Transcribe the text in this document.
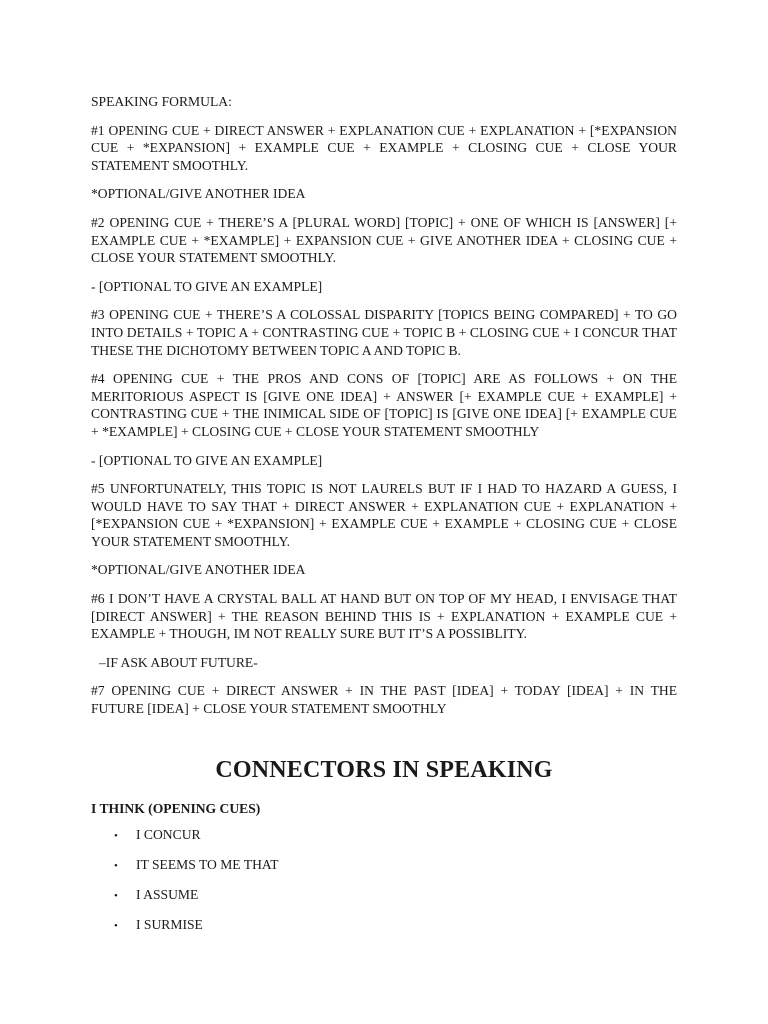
SPEAKING FORMULA:

#1 OPENING CUE + DIRECT ANSWER + EXPLANATION CUE + EXPLANATION + [*EXPANSION CUE + *EXPANSION] + EXAMPLE CUE + EXAMPLE + CLOSING CUE + CLOSE YOUR STATEMENT SMOOTHLY.

*OPTIONAL/GIVE ANOTHER IDEA

#2 OPENING CUE + THERE’S A [PLURAL WORD] [TOPIC] + ONE OF WHICH IS [ANSWER] [+ EXAMPLE CUE + *EXAMPLE] + EXPANSION CUE + GIVE ANOTHER IDEA + CLOSING CUE + CLOSE YOUR STATEMENT SMOOTHLY.

- [OPTIONAL TO GIVE AN EXAMPLE]

#3 OPENING CUE + THERE’S A COLOSSAL DISPARITY [TOPICS BEING COMPARED] + TO GO INTO DETAILS + TOPIC A + CONTRASTING CUE + TOPIC B + CLOSING CUE + I CONCUR THAT THESE THE DICHOTOMY BETWEEN TOPIC A AND TOPIC B.

#4 OPENING CUE + THE PROS AND CONS OF [TOPIC] ARE AS FOLLOWS + ON THE MERITORIOUS ASPECT IS [GIVE ONE IDEA] + ANSWER [+ EXAMPLE CUE + EXAMPLE] + CONTRASTING CUE + THE INIMICAL SIDE OF [TOPIC] IS [GIVE ONE IDEA] [+ EXAMPLE CUE + *EXAMPLE] + CLOSING CUE + CLOSE YOUR STATEMENT SMOOTHLY

- [OPTIONAL TO GIVE AN EXAMPLE]

#5 UNFORTUNATELY, THIS TOPIC IS NOT LAURELS BUT IF I HAD TO HAZARD A GUESS, I WOULD HAVE TO SAY THAT + DIRECT ANSWER + EXPLANATION CUE + EXPLANATION + [*EXPANSION CUE + *EXPANSION] + EXAMPLE CUE + EXAMPLE + CLOSING CUE + CLOSE YOUR STATEMENT SMOOTHLY.

*OPTIONAL/GIVE ANOTHER IDEA

#6 I DON’T HAVE A CRYSTAL BALL AT HAND BUT ON TOP OF MY HEAD, I ENVISAGE THAT [DIRECT ANSWER] + THE REASON BEHIND THIS IS + EXPLANATION + EXAMPLE CUE + EXAMPLE + THOUGH, IM NOT REALLY SURE BUT IT’S A POSSIBLITY.

–IF ASK ABOUT FUTURE-

#7 OPENING CUE + DIRECT ANSWER + IN THE PAST [IDEA] + TODAY [IDEA] + IN THE FUTURE [IDEA] + CLOSE YOUR STATEMENT SMOOTHLY

CONNECTORS IN SPEAKING
I THINK (OPENING CUES)
•	I CONCUR
•	IT SEEMS TO ME THAT
•	I ASSUME
•	I SURMISE
